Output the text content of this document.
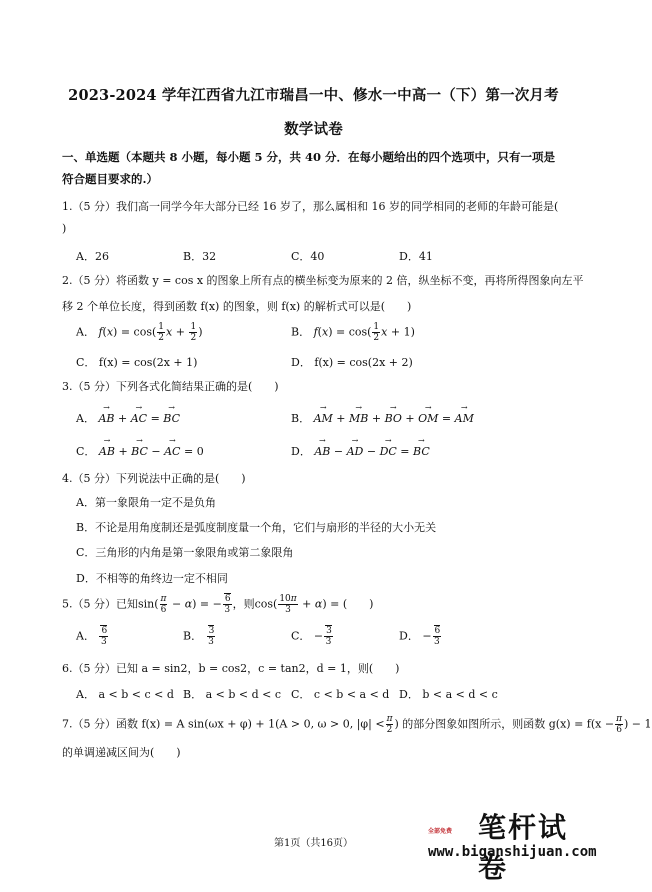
2023-2024 学年江西省九江市瑞昌一中、修水一中高一（下）第一次月考
数学试卷
一、单选题（本题共 8 小题，每小题 5 分，共 40 分．在每小题给出的四个选项中，只有一项是符合题目要求的.）
1.（5 分）我们高一同学今年大部分已经 16 岁了，那么属相和 16 岁的同学相同的老师的年龄可能是(
)
A．26	B．32	C．40	D．41
2.（5 分）将函数 y = cos x 的图象上所有点的横坐标变为原来的 2 倍，纵坐标不变，再将所得图象向左平
移 2 个单位长度，得到函数 f(x) 的图象，则 f(x) 的解析式可以是(　　)
A． $f(x) = \cos( \frac{1}{2}$ $x + \frac{1}{2}$ )	B． $f(x) = \cos( \frac{1}{2}$ x + 1)
C． f(x) = cos(2x + 1)	D． f(x) = cos(2x + 2)
3.（5 分）下列各式化简结果正确的是(　　)
A． → AB + → AC = → BC	B． → AM + → MB + → BO + → OM = → AM
C． → AB + → BC − → AC = 0	D． → AB − → AD − → DC = → BC
4.（5 分）下列说法中正确的是(　　)
A．第一象限角一定不是负角
B．不论是用角度制还是弧度制度量一个角，它们与扇形的半径的大小无关
C．三角形的内角是第一象限角或第二象限角
D．不相等的角终边一定不相同
5.（5 分）已知$\sin( \frac{\pi}{6} - \alpha)$ = − $\frac{6}{3}$ ，则$\cos( \frac{10\pi}{3} + \alpha)$ = (　　)
A． $\frac{6}{3}$	B． $\frac{3}{3}$	C． − $\frac{3}{3}$	D． − $\frac{6}{3}$
6.（5 分）已知 a = sin2，b = cos2，c = tan2，d = 1，则(　　)
A． a < b < c < d B． a < b < d < c C． c < b < a < d D． b < a < d < c
7.（5 分）函数 f(x) = A sin(ωx + φ) + 1(A > 0, ω > 0, $|\varphi| < \frac{\pi}{2}$ ) 的部分图象如图所示，则函数 $g(x) = f(x - \frac{\pi}{6}$ ) − 1
的单调递减区间为(　　)
第1页（共16页）
全部免费 笔杆试卷
www.biganshijuan.com
